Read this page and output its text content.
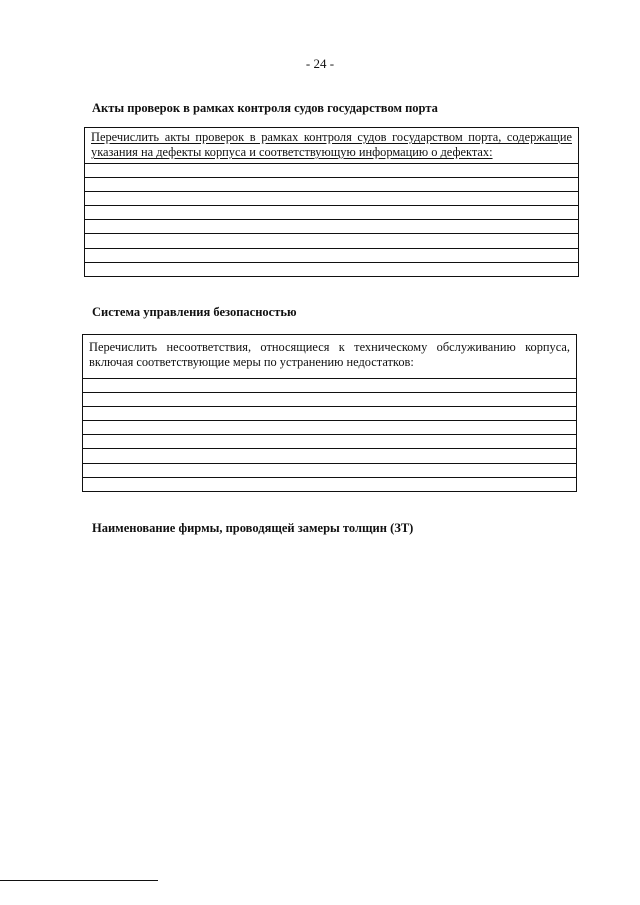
- 24 -
Акты проверок в рамках контроля судов государством порта
Перечислить акты проверок в рамках контроля судов государством порта, содержащие указания на дефекты корпуса и соответствующую информацию о дефектах:
Система управления безопасностью
Перечислить несоответствия, относящиеся к техническому обслуживанию корпуса, включая соответствующие меры по устранению недостатков:
Наименование фирмы, проводящей замеры толщин (ЗТ)
